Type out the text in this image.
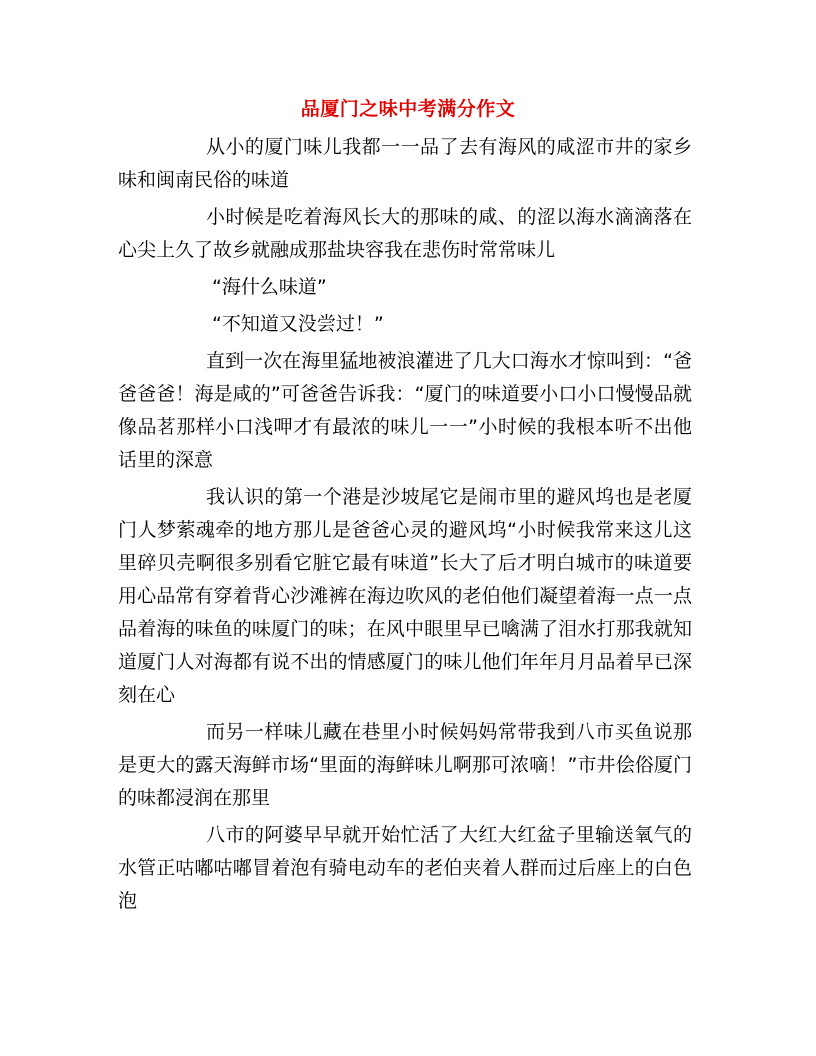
品厦门之味中考满分作文

从小的厦门味儿我都一一品了去有海风的咸涩市井的家乡味和闽南民俗的味道

小时候是吃着海风长大的那味的咸、的涩以海水滴滴落在心尖上久了故乡就融成那盐块容我在悲伤时常常味儿

“海什么味道”

“不知道又没尝过！”

直到一次在海里猛地被浪灌进了几大口海水才惊叫到：“爸爸爸爸！海是咸的”可爸爸告诉我：“厦门的味道要小口小口慢慢品就像品茗那样小口浅呷才有最浓的味儿一一”小时候的我根本听不出他话里的深意

我认识的第一个港是沙坡尾它是闹市里的避风坞也是老厦门人梦萦魂牵的地方那儿是爸爸心灵的避风坞“小时候我常来这儿这里碎贝壳啊很多别看它脏它最有味道”长大了后才明白城市的味道要用心品常有穿着背心沙滩裤在海边吹风的老伯他们凝望着海一点一点品着海的味鱼的味厦门的味；在风中眼里早已噙满了泪水打那我就知道厦门人对海都有说不出的情感厦门的味儿他们年年月月品着早已深刻在心

而另一样味儿藏在巷里小时候妈妈常带我到八市买鱼说那是更大的露天海鲜市场“里面的海鲜味儿啊那可浓嘀！”市井侩俗厦门的味都浸润在那里

八市的阿婆早早就开始忙活了大红大红盆子里输送氧气的水管正咕嘟咕嘟冒着泡有骑电动车的老伯夹着人群而过后座上的白色泡
